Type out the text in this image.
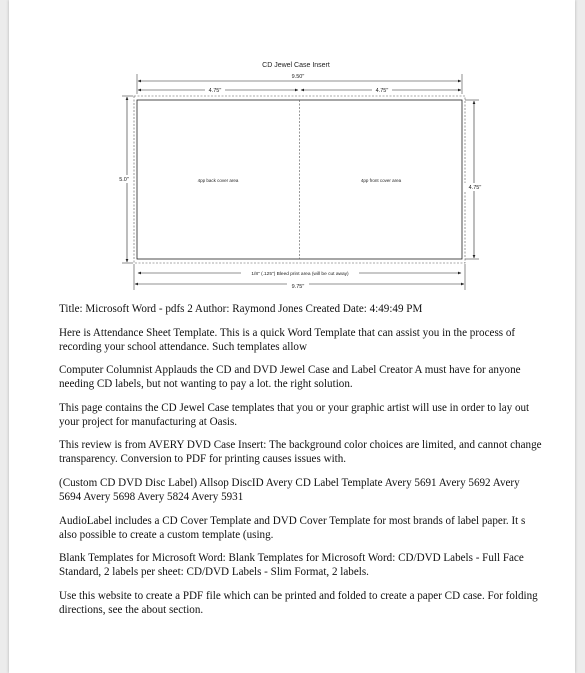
CD Jewel Case Insert
9.50"
4.75"	4.75"
4pp back cover area	4pp front cover area
5.0"
4.75"
1/8" (.125") Bleed print area (will be cut away)
9.75"

Title: Microsoft Word - pdfs 2 Author: Raymond Jones Created Date: 4:49:49 PM

Here is Attendance Sheet Template. This is a quick Word Template that can assist you in the process of recording your school attendance. Such templates allow

Computer Columnist Applauds the CD and DVD Jewel Case and Label Creator A must have for anyone needing CD labels, but not wanting to pay a lot. the right solution.

This page contains the CD Jewel Case templates that you or your graphic artist will use in order to lay out your project for manufacturing at Oasis.

This review is from AVERY DVD Case Insert: The background color choices are limited, and cannot change transparency. Conversion to PDF for printing causes issues with.

(Custom CD DVD Disc Label) Allsop DiscID Avery CD Label Template Avery 5691 Avery 5692 Avery 5694 Avery 5698 Avery 5824 Avery 5931

AudioLabel includes a CD Cover Template and DVD Cover Template for most brands of label paper. It s also possible to create a custom template (using.

Blank Templates for Microsoft Word: Blank Templates for Microsoft Word: CD/DVD Labels - Full Face Standard, 2 labels per sheet: CD/DVD Labels - Slim Format, 2 labels.

Use this website to create a PDF file which can be printed and folded to create a paper CD case. For folding directions, see the about section.
